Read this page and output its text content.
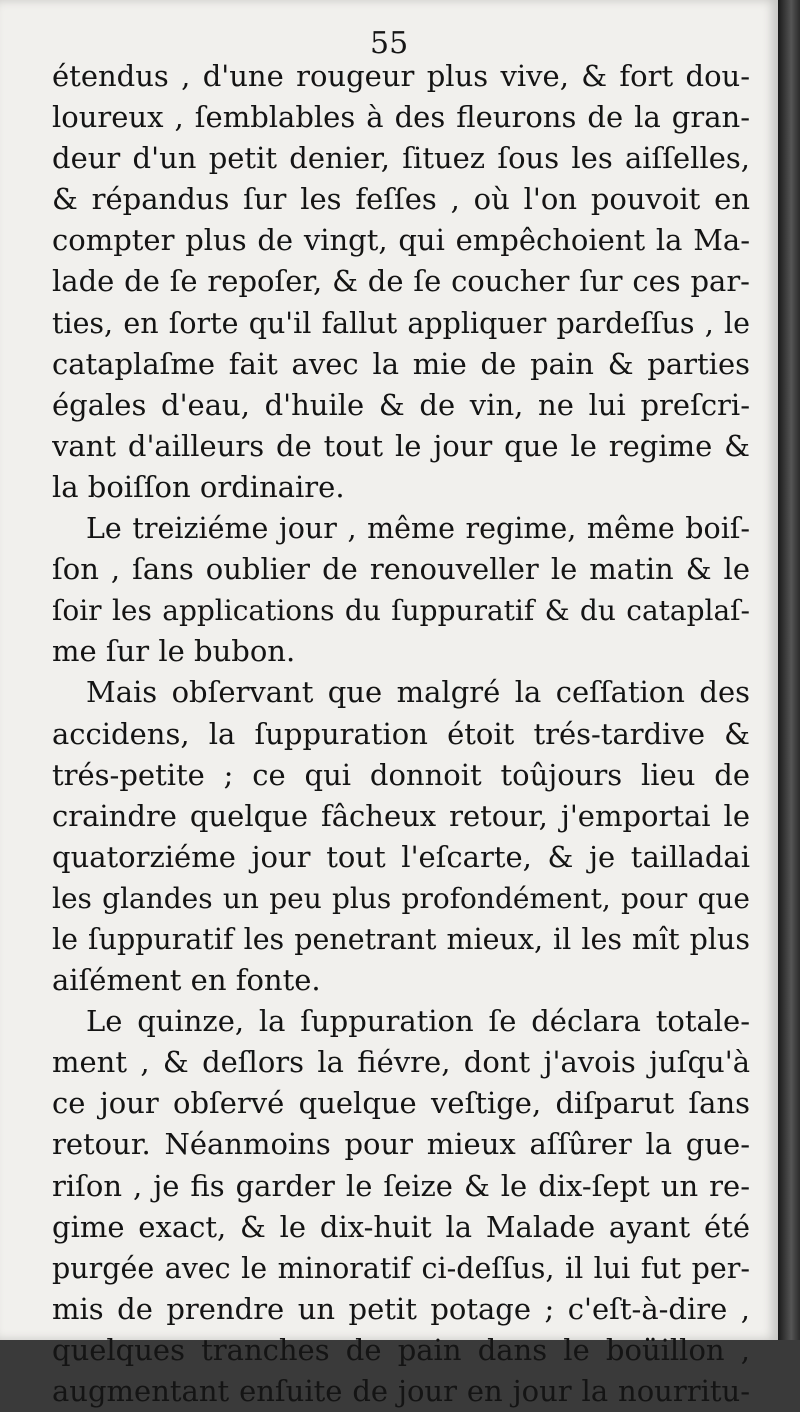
55
étendus , d'une rougeur plus vive, & fort dou-
loureux , ſemblables à des fleurons de la gran-
deur d'un petit denier, ſituez ſous les aiſſelles,
& répandus ſur les feſſes , où l'on pouvoit en
compter plus de vingt, qui empêchoient la Ma-
lade de ſe repoſer, & de ſe coucher ſur ces par-
ties, en ſorte qu'il fallut appliquer pardeſſus , le
cataplaſme fait avec la mie de pain & parties
égales d'eau, d'huile & de vin, ne lui preſcri-
vant d'ailleurs de tout le jour que le regime &
la boiſſon ordinaire.
Le treiziéme jour , même regime, même boiſ-
ſon , ſans oublier de renouveller le matin & le
ſoir les applications du ſuppuratif & du cataplaſ-
me ſur le bubon.
Mais obſervant que malgré la ceſſation des
accidens, la ſuppuration étoit trés-tardive &
trés-petite ; ce qui donnoit toûjours lieu de
craindre quelque fâcheux retour, j'emportai le
quatorziéme jour tout l'eſcarte, & je tailladai
les glandes un peu plus profondément, pour que
le ſuppuratif les penetrant mieux, il les mît plus
aiſément en fonte.
Le quinze, la ſuppuration ſe déclara totale-
ment , & deſlors la fiévre, dont j'avois juſqu'à
ce jour obſervé quelque veſtige, diſparut ſans
retour. Néanmoins pour mieux aſſûrer la gue-
riſon , je fis garder le ſeize & le dix-ſept un re-
gime exact, & le dix-huit la Malade ayant été
purgée avec le minoratif ci-deſſus, il lui fut per-
mis de prendre un petit potage ; c'eſt-à-dire ,
quelques tranches de pain dans le boüillon ,
augmentant enſuite de jour en jour la nourritu-
